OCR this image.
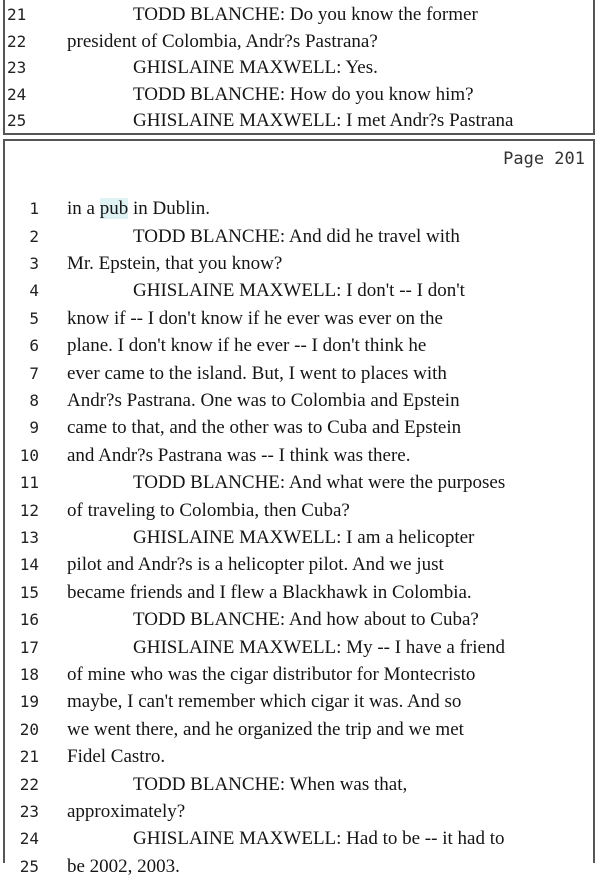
21	TODD BLANCHE: Do you know the former
22	president of Colombia, Andr?s Pastrana?
23	GHISLAINE MAXWELL: Yes.
24	TODD BLANCHE: How do you know him?
25	GHISLAINE MAXWELL: I met Andr?s Pastrana
Page 201
1 in a pub in Dublin.
2	TODD BLANCHE: And did he travel with
3 Mr. Epstein, that you know?
4	GHISLAINE MAXWELL: I don't -- I don't
5 know if -- I don't know if he ever was ever on the
6 plane. I don't know if he ever -- I don't think he
7 ever came to the island. But, I went to places with
8 Andr?s Pastrana. One was to Colombia and Epstein
9 came to that, and the other was to Cuba and Epstein
10 and Andr?s Pastrana was -- I think was there.
11	TODD BLANCHE: And what were the purposes
12 of traveling to Colombia, then Cuba?
13	GHISLAINE MAXWELL: I am a helicopter
14 pilot and Andr?s is a helicopter pilot. And we just
15 became friends and I flew a Blackhawk in Colombia.
16	TODD BLANCHE: And how about to Cuba?
17	GHISLAINE MAXWELL: My -- I have a friend
18 of mine who was the cigar distributor for Montecristo
19 maybe, I can't remember which cigar it was. And so
20 we went there, and he organized the trip and we met
21 Fidel Castro.
22	TODD BLANCHE: When was that,
23 approximately?
24	GHISLAINE MAXWELL: Had to be -- it had to
25 be 2002, 2003.
